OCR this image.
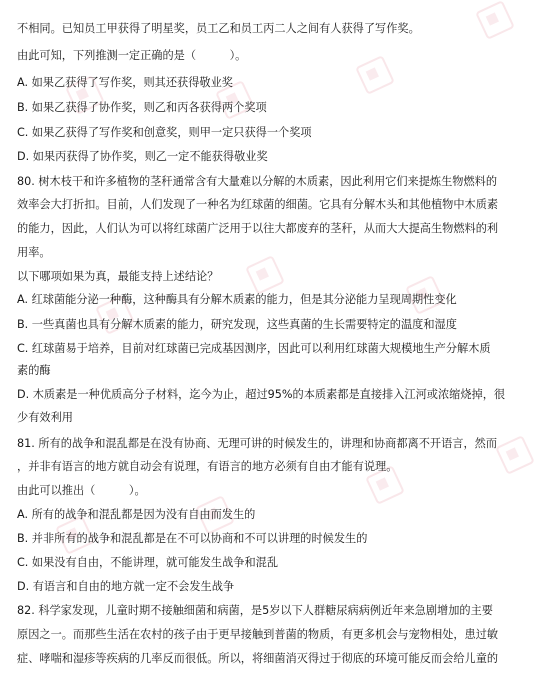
不相同。已知员工甲获得了明星奖，员工乙和员工丙二人之间有人获得了写作奖。
由此可知，下列推测一定正确的是（　　　）。
A. 如果乙获得了写作奖，则其还获得敬业奖
B. 如果乙获得了协作奖，则乙和丙各获得两个奖项
C. 如果乙获得了写作奖和创意奖，则甲一定只获得一个奖项
D. 如果丙获得了协作奖，则乙一定不能获得敬业奖
80. 树木枝干和许多植物的茎秆通常含有大量难以分解的木质素，因此利用它们来提炼生物燃料的
效率会大打折扣。目前，人们发现了一种名为红球菌的细菌。它具有分解木头和其他植物中木质素
的能力，因此，人们认为可以将红球菌广泛用于以往大都废弃的茎秆，从而大大提高生物燃料的利
用率。
以下哪项如果为真，最能支持上述结论？
A. 红球菌能分泌一种酶，这种酶具有分解木质素的能力，但是其分泌能力呈现周期性变化
B. 一些真菌也具有分解木质素的能力，研究发现，这些真菌的生长需要特定的温度和湿度
C. 红球菌易于培养，目前对红球菌已完成基因测序，因此可以利用红球菌大规模地生产分解木质
素的酶
D. 木质素是一种优质高分子材料，迄今为止，超过95%的本质素都是直接排入江河或浓缩烧掉，很
少有效利用
81. 所有的战争和混乱都是在没有协商、无理可讲的时候发生的，讲理和协商都离不开语言，然而
，并非有语言的地方就自动会有说理，有语言的地方必须有自由才能有说理。
由此可以推出（　　　）。
A. 所有的战争和混乱都是因为没有自由而发生的
B. 并非所有的战争和混乱都是在不可以协商和不可以讲理的时候发生的
C. 如果没有自由，不能讲理，就可能发生战争和混乱
D. 有语言和自由的地方就一定不会发生战争
82. 科学家发现，儿童时期不接触细菌和病菌，是5岁以下人群糖尿病病例近年来急剧增加的主要
原因之一。而那些生活在农村的孩子由于更早接触到普菌的物质，有更多机会与宠物相处，患过敏
症、哮喘和湿疹等疾病的几率反而很低。所以，将细菌消灭得过于彻底的环境可能反而会给儿童的
